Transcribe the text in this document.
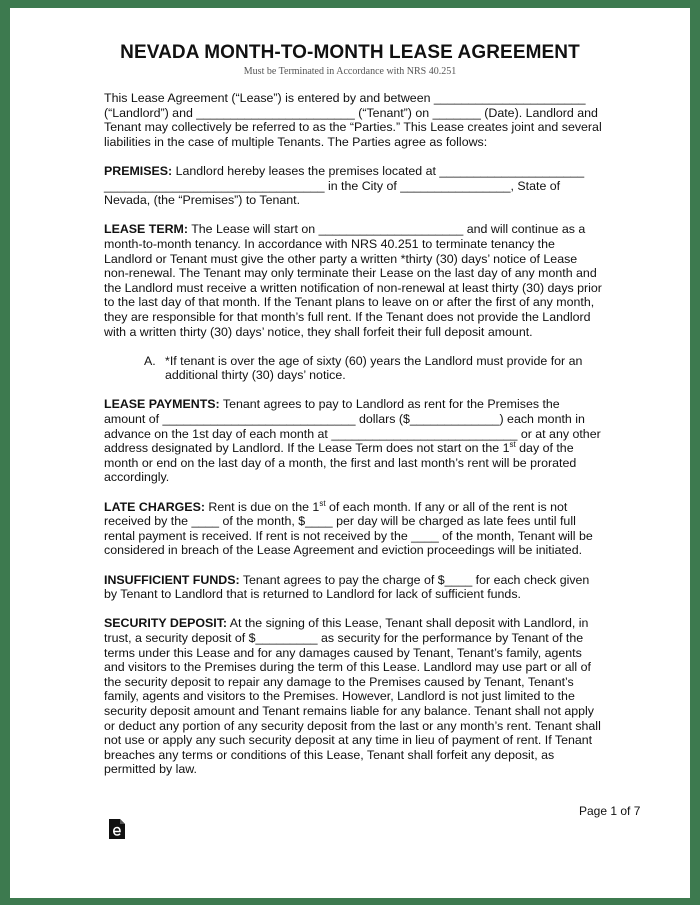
NEVADA MONTH-TO-MONTH LEASE AGREEMENT
Must be Terminated in Accordance with NRS 40.251

This Lease Agreement (“Lease”) is entered by and between ______________________ (“Landlord”) and _______________________ (“Tenant”) on _______ (Date). Landlord and Tenant may collectively be referred to as the “Parties.” This Lease creates joint and several liabilities in the case of multiple Tenants. The Parties agree as follows:

PREMISES: Landlord hereby leases the premises located at _____________________ ________________________________ in the City of ________________, State of Nevada, (the “Premises”) to Tenant.

LEASE TERM: The Lease will start on _____________________ and will continue as a month-to-month tenancy. In accordance with NRS 40.251 to terminate tenancy the Landlord or Tenant must give the other party a written *thirty (30) days’ notice of Lease non-renewal. The Tenant may only terminate their Lease on the last day of any month and the Landlord must receive a written notification of non-renewal at least thirty (30) days prior to the last day of that month. If the Tenant plans to leave on or after the first of any month, they are responsible for that month’s full rent. If the Tenant does not provide the Landlord with a written thirty (30) days’ notice, they shall forfeit their full deposit amount.

A. *If tenant is over the age of sixty (60) years the Landlord must provide for an additional thirty (30) days’ notice.

LEASE PAYMENTS: Tenant agrees to pay to Landlord as rent for the Premises the amount of ____________________________ dollars ($_____________) each month in advance on the 1st day of each month at ___________________________ or at any other address designated by Landlord. If the Lease Term does not start on the 1st day of the month or end on the last day of a month, the first and last month’s rent will be prorated accordingly.

LATE CHARGES: Rent is due on the 1st of each month. If any or all of the rent is not received by the ____ of the month, $____ per day will be charged as late fees until full rental payment is received. If rent is not received by the ____ of the month, Tenant will be considered in breach of the Lease Agreement and eviction proceedings will be initiated.

INSUFFICIENT FUNDS: Tenant agrees to pay the charge of $____ for each check given by Tenant to Landlord that is returned to Landlord for lack of sufficient funds.

SECURITY DEPOSIT: At the signing of this Lease, Tenant shall deposit with Landlord, in trust, a security deposit of $_________ as security for the performance by Tenant of the terms under this Lease and for any damages caused by Tenant, Tenant’s family, agents and visitors to the Premises during the term of this Lease. Landlord may use part or all of the security deposit to repair any damage to the Premises caused by Tenant, Tenant’s family, agents and visitors to the Premises. However, Landlord is not just limited to the security deposit amount and Tenant remains liable for any balance. Tenant shall not apply or deduct any portion of any security deposit from the last or any month’s rent. Tenant shall not use or apply any such security deposit at any time in lieu of payment of rent. If Tenant breaches any terms or conditions of this Lease, Tenant shall forfeit any deposit, as permitted by law.

Page 1 of 7
